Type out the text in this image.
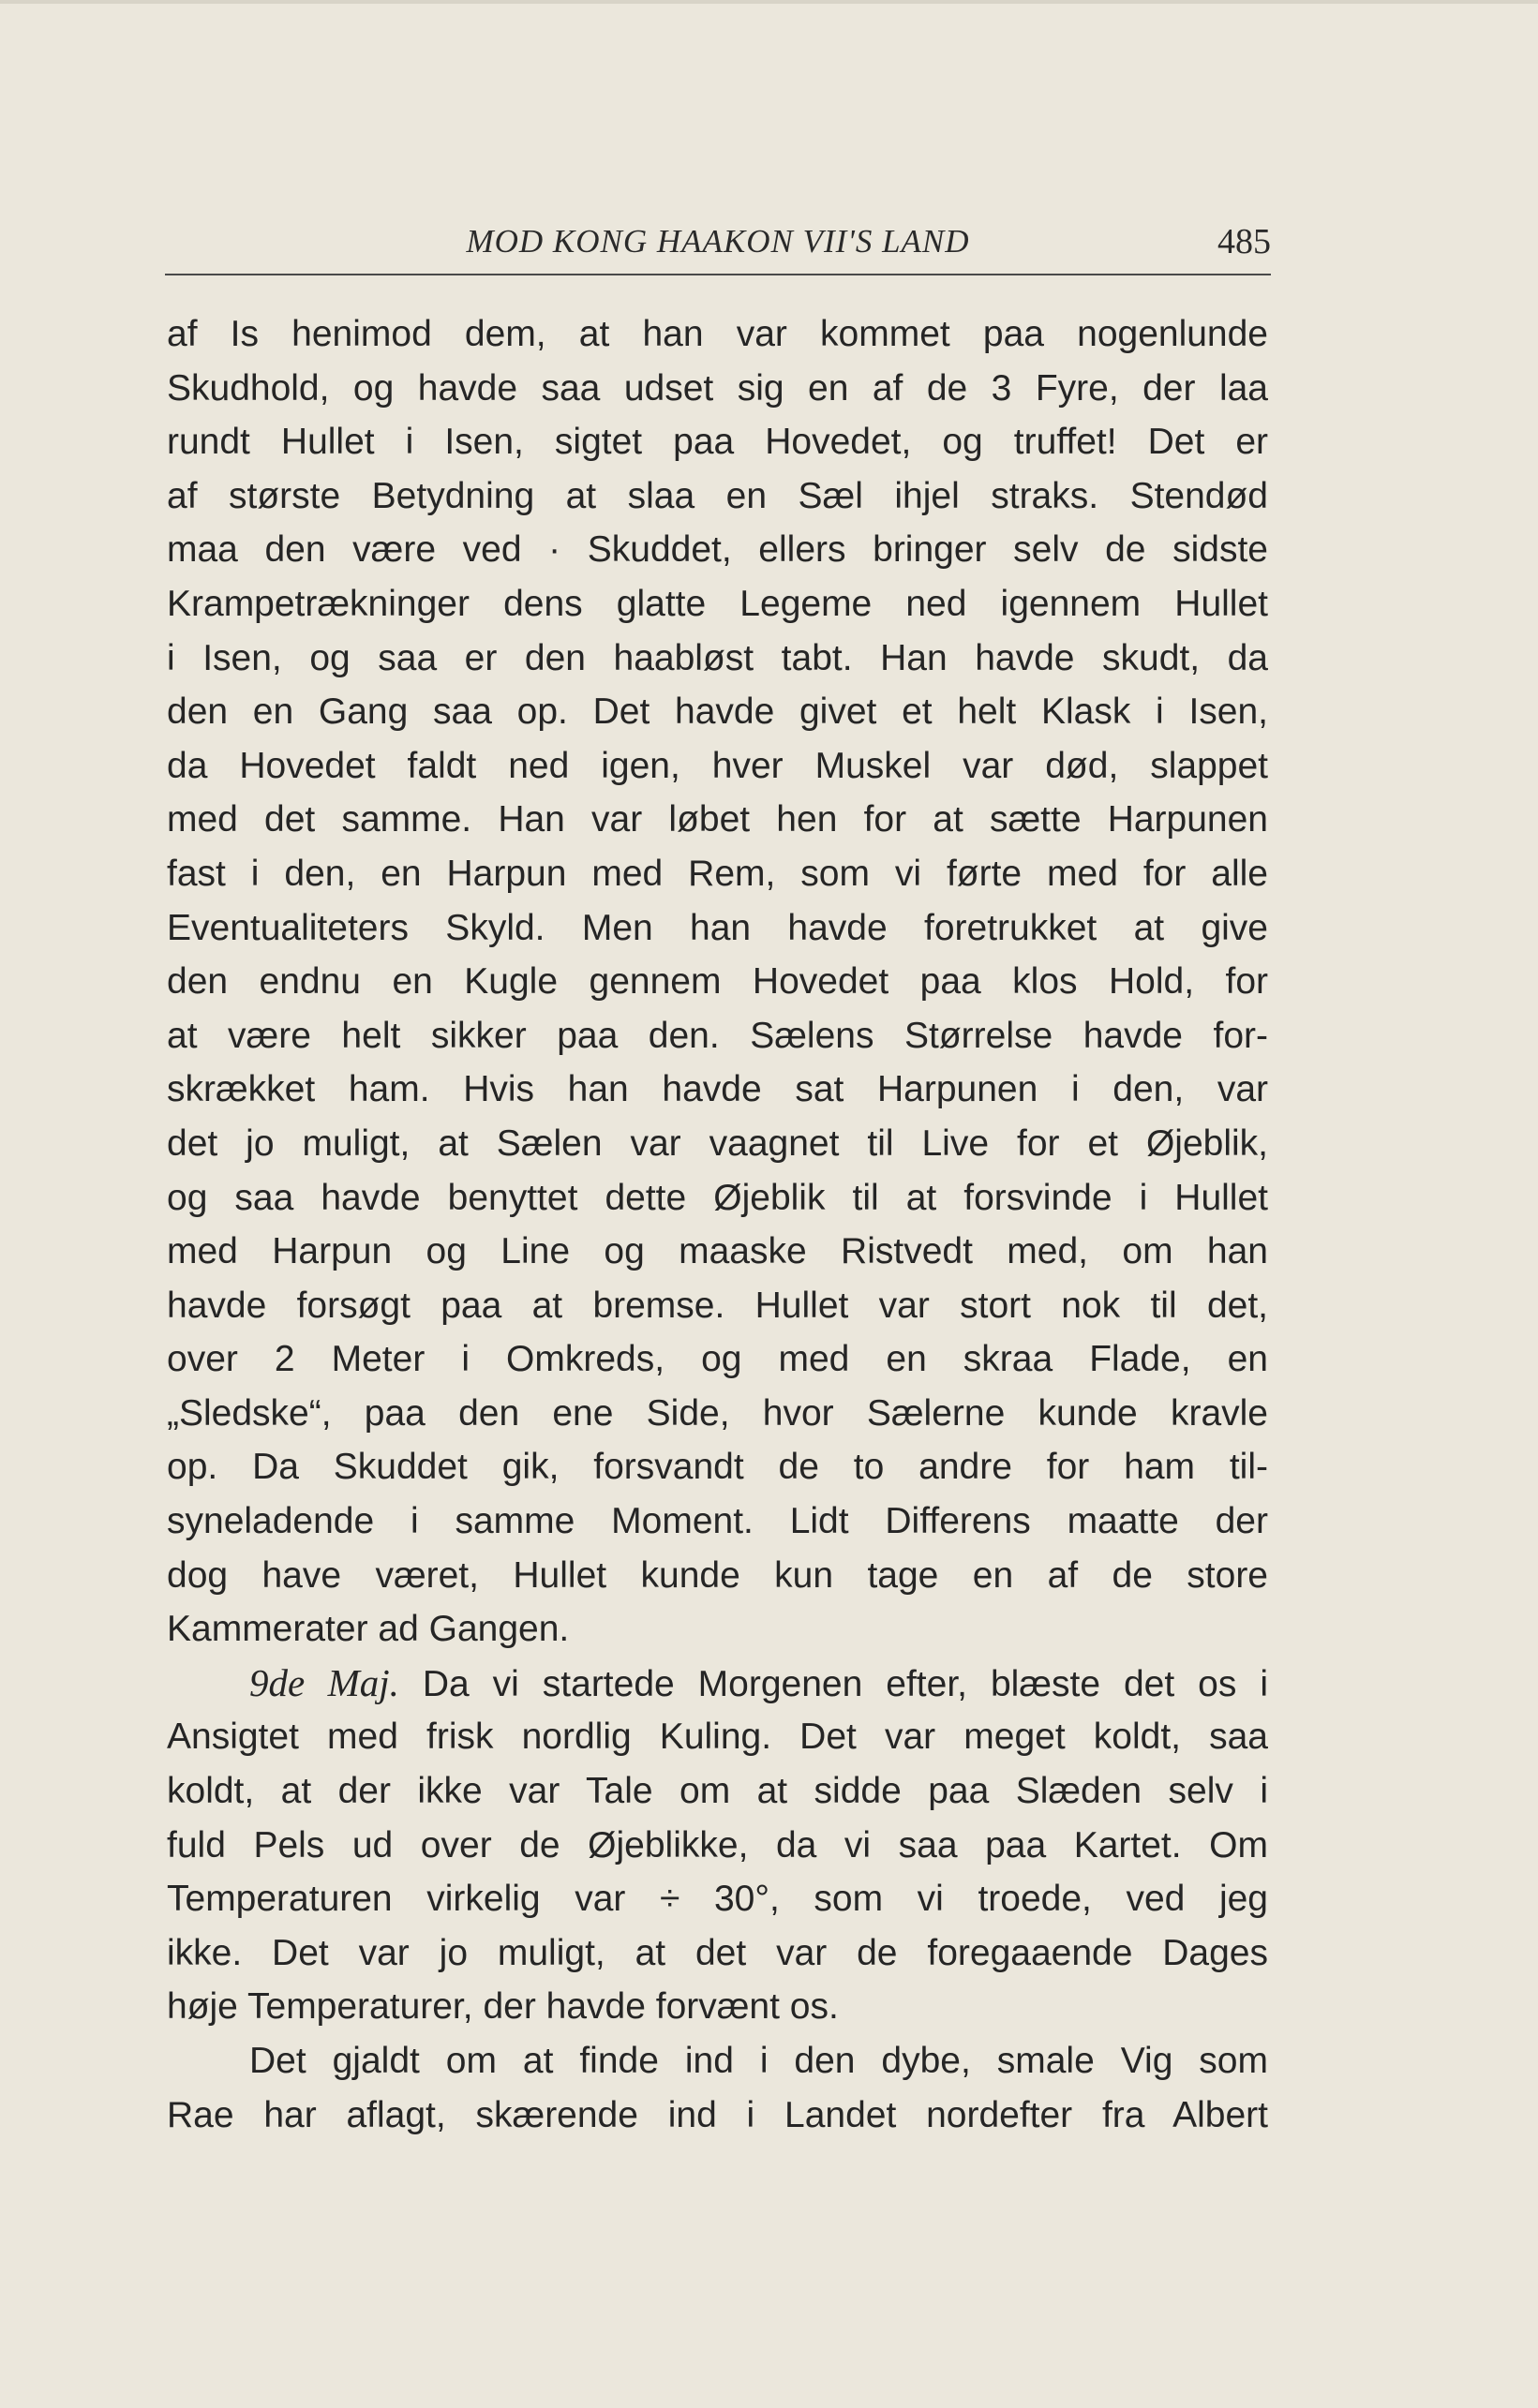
MOD KONG HAAKON VII'S LAND	485
af Is henimod dem, at han var kommet paa nogenlunde
Skudhold, og havde saa udset sig en af de 3 Fyre, der laa
rundt Hullet i Isen, sigtet paa Hovedet, og truffet! Det er
af største Betydning at slaa en Sæl ihjel straks. Stendød
maa den være ved · Skuddet, ellers bringer selv de sidste
Krampetrækninger dens glatte Legeme ned igennem Hullet
i Isen, og saa er den haabløst tabt. Han havde skudt, da
den en Gang saa op. Det havde givet et helt Klask i Isen,
da Hovedet faldt ned igen, hver Muskel var død, slappet
med det samme. Han var løbet hen for at sætte Harpunen
fast i den, en Harpun med Rem, som vi førte med for alle
Eventualiteters Skyld. Men han havde foretrukket at give
den endnu en Kugle gennem Hovedet paa klos Hold, for
at være helt sikker paa den. Sælens Størrelse havde for-
skrækket ham. Hvis han havde sat Harpunen i den, var
det jo muligt, at Sælen var vaagnet til Live for et Øjeblik,
og saa havde benyttet dette Øjeblik til at forsvinde i Hullet
med Harpun og Line og maaske Ristvedt med, om han
havde forsøgt paa at bremse. Hullet var stort nok til det,
over 2 Meter i Omkreds, og med en skraa Flade, en
„Sledske“, paa den ene Side, hvor Sælerne kunde kravle
op. Da Skuddet gik, forsvandt de to andre for ham til-
syneladende i samme Moment. Lidt Differens maatte der
dog have været, Hullet kunde kun tage en af de store
Kammerater ad Gangen.
9de Maj. Da vi startede Morgenen efter, blæste det os i
Ansigtet med frisk nordlig Kuling. Det var meget koldt, saa
koldt, at der ikke var Tale om at sidde paa Slæden selv i
fuld Pels ud over de Øjeblikke, da vi saa paa Kartet. Om
Temperaturen virkelig var ÷ 30°, som vi troede, ved jeg
ikke. Det var jo muligt, at det var de foregaaende Dages
høje Temperaturer, der havde forvænt os.
Det gjaldt om at finde ind i den dybe, smale Vig som
Rae har aflagt, skærende ind i Landet nordefter fra Albert
